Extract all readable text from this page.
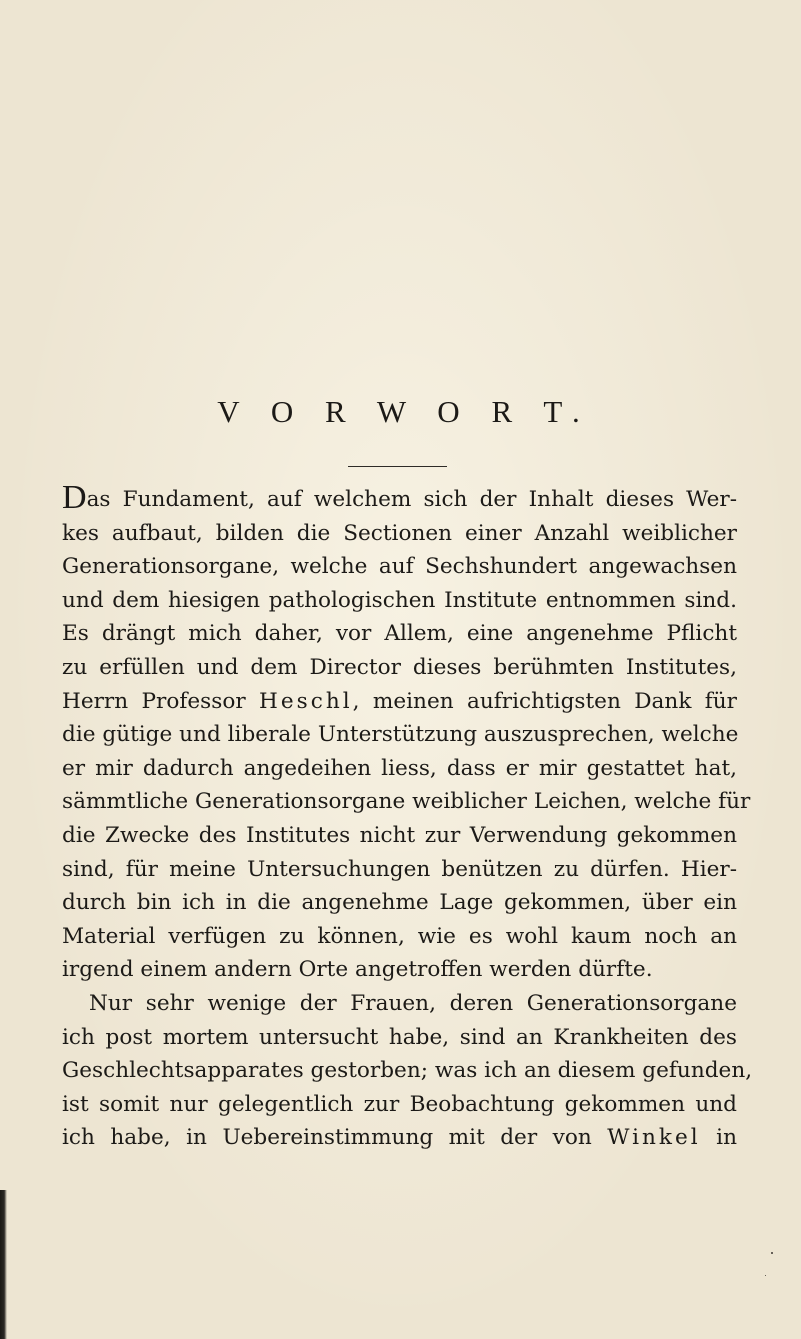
V O R W O R T.
Das Fundament, auf welchem sich der Inhalt dieses Wer-
kes aufbaut, bilden die Sectionen einer Anzahl weiblicher
Generationsorgane, welche auf Sechshundert angewachsen
und dem hiesigen pathologischen Institute entnommen sind.
Es drängt mich daher, vor Allem, eine angenehme Pflicht
zu erfüllen und dem Director dieses berühmten Institutes,
Herrn Professor Heschl, meinen aufrichtigsten Dank für
die gütige und liberale Unterstützung auszusprechen, welche
er mir dadurch angedeihen liess, dass er mir gestattet hat,
sämmtliche Generationsorgane weiblicher Leichen, welche für
die Zwecke des Institutes nicht zur Verwendung gekommen
sind, für meine Untersuchungen benützen zu dürfen. Hier-
durch bin ich in die angenehme Lage gekommen, über ein
Material verfügen zu können, wie es wohl kaum noch an
irgend einem andern Orte angetroffen werden dürfte.
Nur sehr wenige der Frauen, deren Generationsorgane
ich post mortem untersucht habe, sind an Krankheiten des
Geschlechtsapparates gestorben; was ich an diesem gefunden,
ist somit nur gelegentlich zur Beobachtung gekommen und
ich habe, in Uebereinstimmung mit der von Winkel in
